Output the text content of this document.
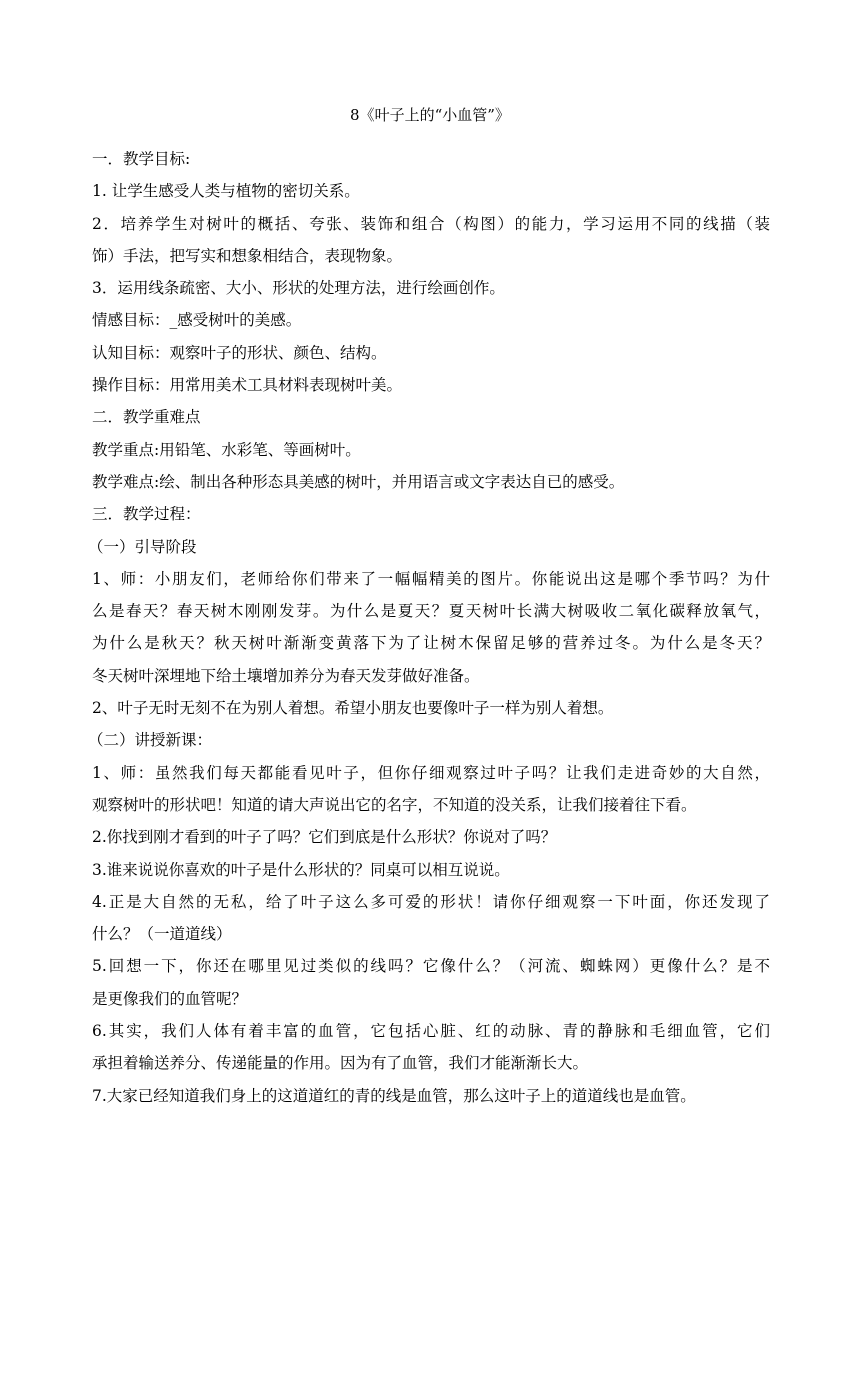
8《叶子上的“小血管”》

一．教学目标:

1. 让学生感受人类与植物的密切关系。

2．培养学生对树叶的概括、夸张、装饰和组合（构图）的能力，学习运用不同的线描（装

饰）手法，把写实和想象相结合，表现物象。

3．运用线条疏密、大小、形状的处理方法，进行绘画创作。

情感目标：_感受树叶的美感。

认知目标：观察叶子的形状、颜色、结构。

操作目标：用常用美术工具材料表现树叶美。

二．教学重难点

教学重点:用铅笔、水彩笔、等画树叶。

教学难点:绘、制出各种形态具美感的树叶，并用语言或文字表达自已的感受。

三．教学过程：

（一）引导阶段

1、师：小朋友们，老师给你们带来了一幅幅精美的图片。你能说出这是哪个季节吗？为什

么是春天？春天树木刚刚发芽。为什么是夏天？夏天树叶长满大树吸收二氧化碳释放氧气，

为什么是秋天？秋天树叶渐渐变黄落下为了让树木保留足够的营养过冬。为什么是冬天？

冬天树叶深埋地下给土壤增加养分为春天发芽做好准备。

2、叶子无时无刻不在为别人着想。希望小朋友也要像叶子一样为别人着想。

（二）讲授新课：

1、师：虽然我们每天都能看见叶子，但你仔细观察过叶子吗？让我们走进奇妙的大自然，

观察树叶的形状吧！知道的请大声说出它的名字，不知道的没关系，让我们接着往下看。

2.你找到刚才看到的叶子了吗？它们到底是什么形状？你说对了吗？

3.谁来说说你喜欢的叶子是什么形状的？同桌可以相互说说。

4.正是大自然的无私，给了叶子这么多可爱的形状！请你仔细观察一下叶面，你还发现了

什么？（一道道线）

5.回想一下，你还在哪里见过类似的线吗？它像什么？（河流、蜘蛛网）更像什么？是不

是更像我们的血管呢？

6.其实，我们人体有着丰富的血管，它包括心脏、红的动脉、青的静脉和毛细血管，它们

承担着输送养分、传递能量的作用。因为有了血管，我们才能渐渐长大。

7.大家已经知道我们身上的这道道红的青的线是血管，那么这叶子上的道道线也是血管。
